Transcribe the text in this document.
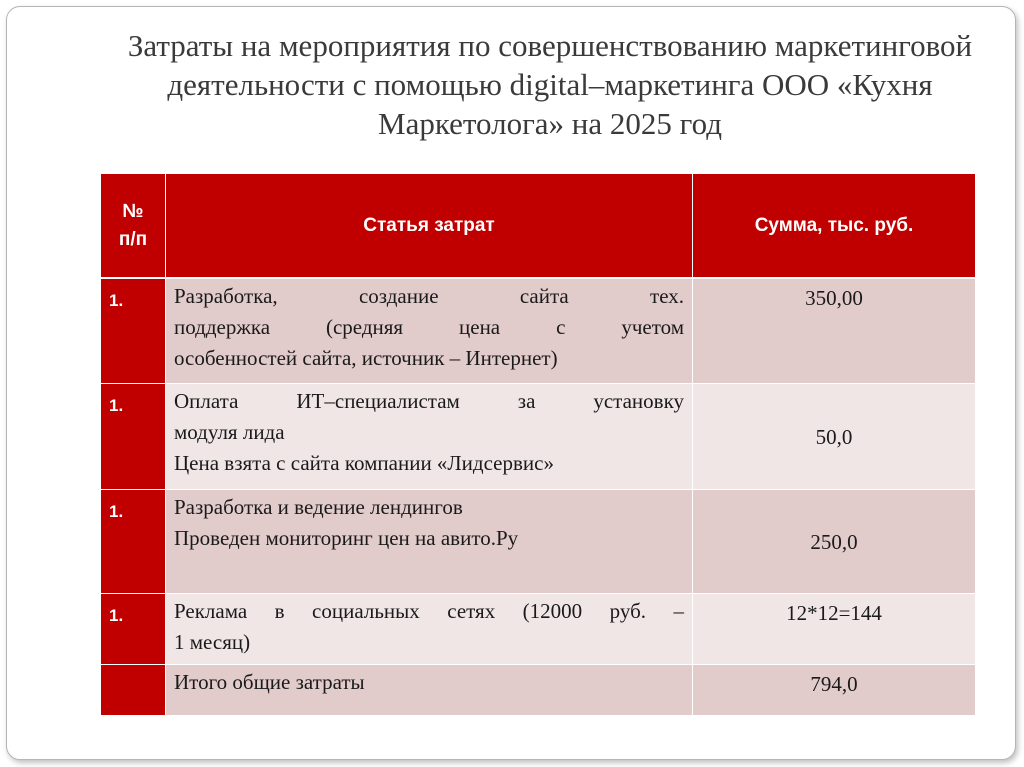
Затраты на мероприятия по совершенствованию маркетинговой деятельности с помощью digital–маркетинга ООО «Кухня Маркетолога» на 2025 год
№
п/п	Статья затрат	Сумма, тыс. руб.
1.	Разработка, создание сайта тех.
поддержка (средняя цена с учетом
особенностей сайта, источник – Интернет)	350,00
1.	Оплата ИТ–специалистам за установку
модуля лида
Цена взята с сайта компании «Лидсервис»	50,0
1.	Разработка и ведение лендингов
Проведен мониторинг цен на авито.Ру	250,0
1.	Реклама в социальных сетях (12000 руб. –
1 месяц)	12*12=144

	Итого общие затраты	794,0
